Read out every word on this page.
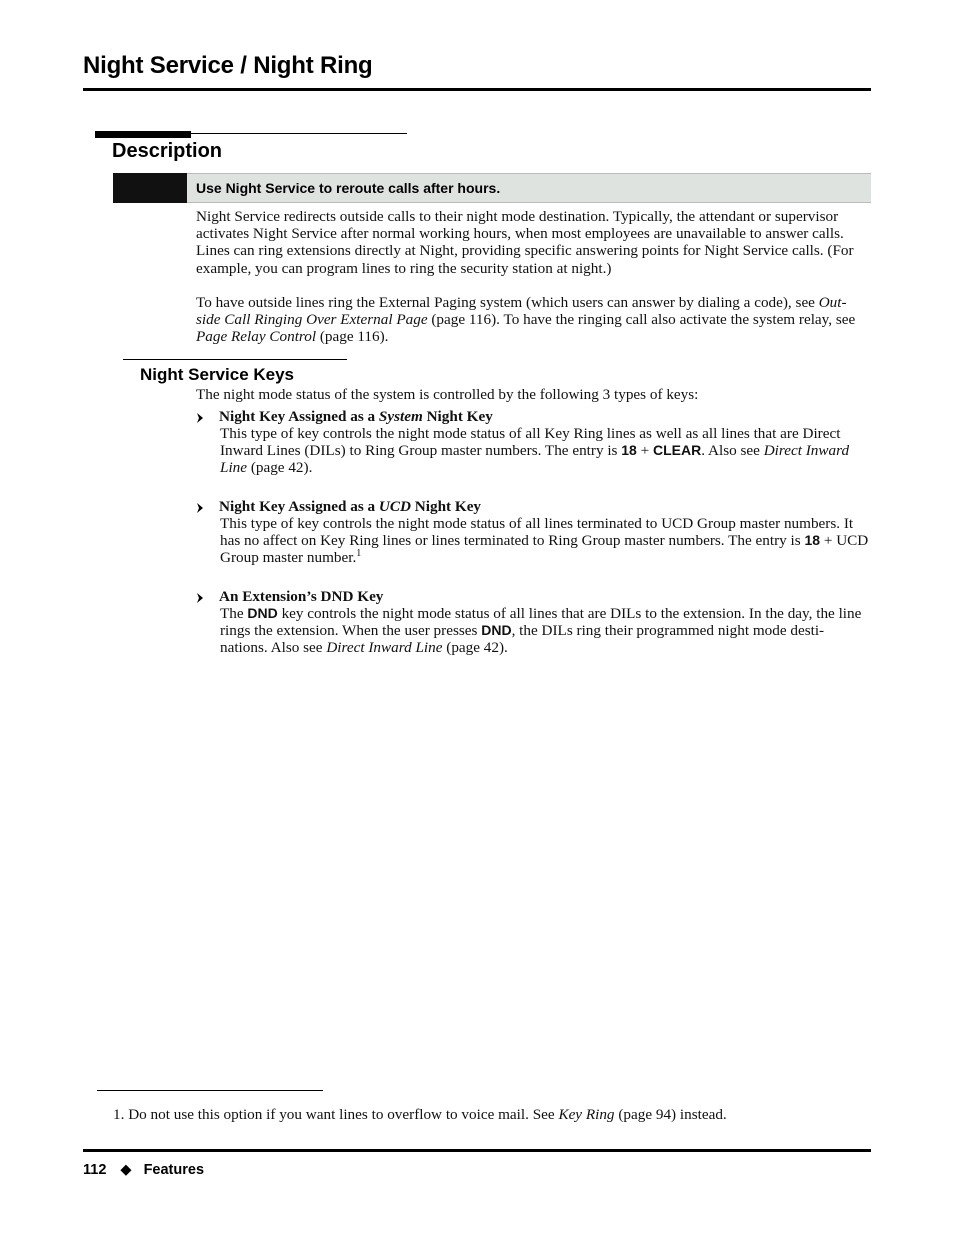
Night Service / Night Ring
Description
Use Night Service to reroute calls after hours.

Night Service redirects outside calls to their night mode destination. Typically, the attendant or supervisor activates Night Service after normal working hours, when most employees are unavailable to answer calls. Lines can ring extensions directly at Night, providing specific answering points for Night Service calls. (For example, you can program lines to ring the security station at night.)

To have outside lines ring the External Paging system (which users can answer by dialing a code), see Out-side Call Ringing Over External Page (page 116). To have the ringing call also activate the system relay, see Page Relay Control (page 116).

Night Service Keys

The night mode status of the system is controlled by the following 3 types of keys:

Night Key Assigned as a System Night Key

This type of key controls the night mode status of all Key Ring lines as well as all lines that are Direct Inward Lines (DILs) to Ring Group master numbers. The entry is 18 + CLEAR. Also see Direct Inward Line (page 42).

Night Key Assigned as a UCD Night Key

This type of key controls the night mode status of all lines terminated to UCD Group master numbers. It has no affect on Key Ring lines or lines terminated to Ring Group master numbers. The entry is 18 + UCD Group master number.$^1$

An Extension’s DND Key

The DND key controls the night mode status of all lines that are DILs to the extension. In the day, the line rings the extension. When the user presses DND, the DILs ring their programmed night mode desti-nations. Also see Direct Inward Line (page 42).

1. Do not use this option if you want lines to overflow to voice mail. See Key Ring (page 94) instead.

112 ◆ Features
